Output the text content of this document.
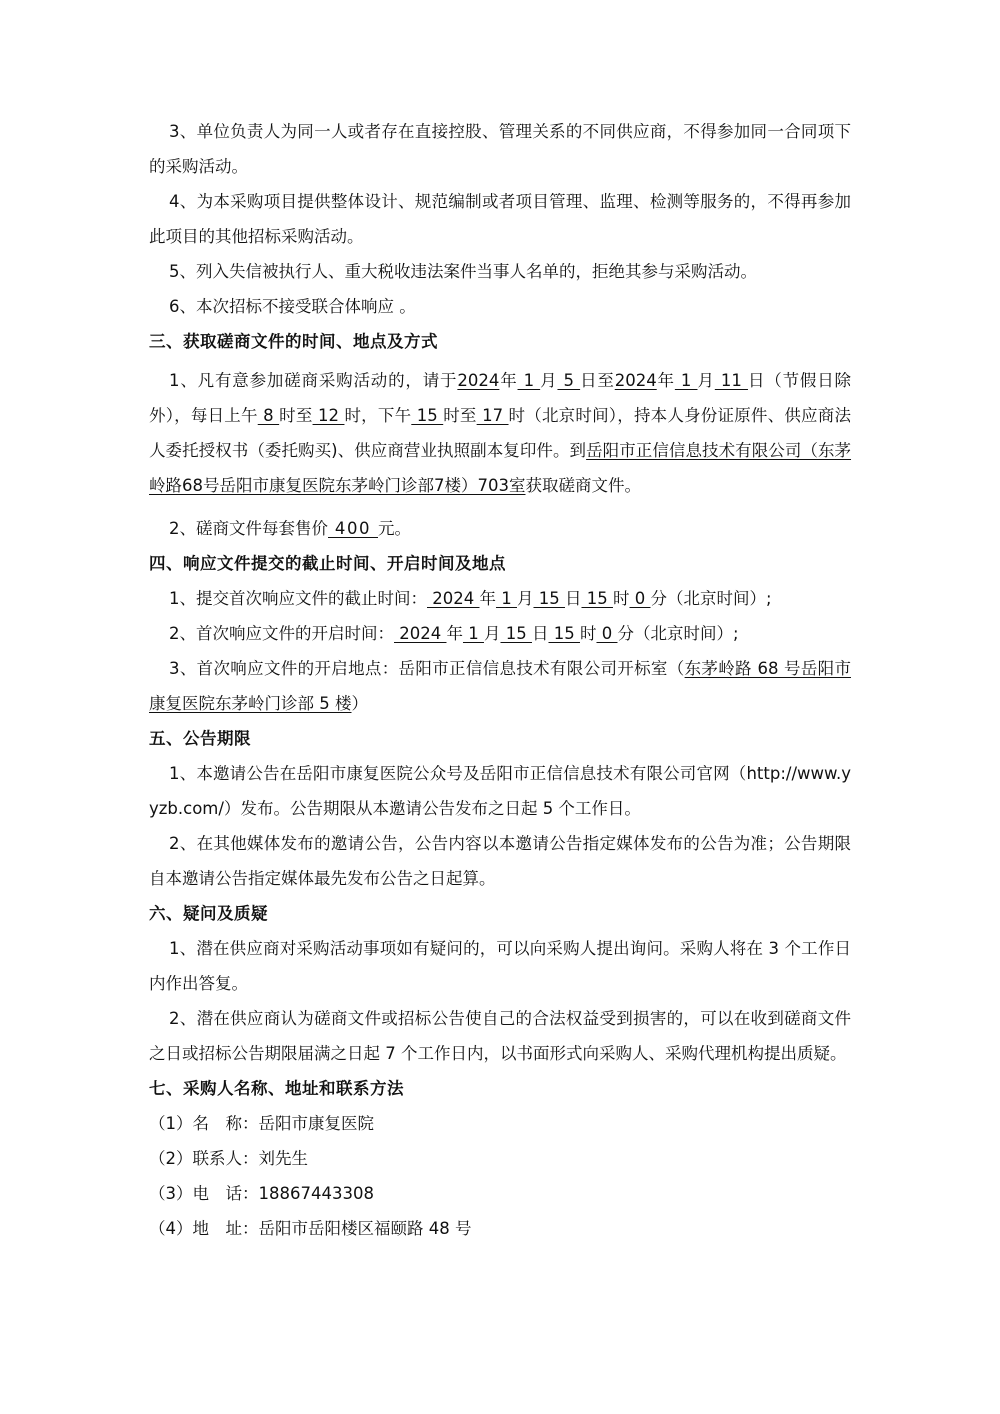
3、单位负责人为同一人或者存在直接控股、管理关系的不同供应商，不得参加同一合同项下的采购活动。

4、为本采购项目提供整体设计、规范编制或者项目管理、监理、检测等服务的，不得再参加此项目的其他招标采购活动。

5、列入失信被执行人、重大税收违法案件当事人名单的，拒绝其参与采购活动。

6、本次招标不接受联合体响应 。

三、获取磋商文件的时间、地点及方式

1、凡有意参加磋商采购活动的，请于2024年 1 月 5 日至2024年 1 月 11 日（节假日除外），每日上午 8 时至 12 时，下午 15 时至 17 时（北京时间），持本人身份证原件、供应商法人委托授权书（委托购买)、供应商营业执照副本复印件。到岳阳市正信信息技术有限公司（东茅岭路68号岳阳市康复医院东茅岭门诊部7楼）703室获取磋商文件。

2、磋商文件每套售价 400 元。

四、响应文件提交的截止时间、开启时间及地点

1、提交首次响应文件的截止时间： 2024 年 1 月 15 日 15 时 0 分（北京时间）;

2、首次响应文件的开启时间： 2024 年 1 月 15 日 15 时 0 分（北京时间）;

3、首次响应文件的开启地点：岳阳市正信信息技术有限公司开标室（东茅岭路 68 号岳阳市康复医院东茅岭门诊部 5 楼）

五、公告期限

1、本邀请公告在岳阳市康复医院公众号及岳阳市正信信息技术有限公司官网（http://www.yyzb.com/）发布。公告期限从本邀请公告发布之日起 5 个工作日。

2、在其他媒体发布的邀请公告，公告内容以本邀请公告指定媒体发布的公告为准；公告期限自本邀请公告指定媒体最先发布公告之日起算。

六、疑问及质疑

1、潜在供应商对采购活动事项如有疑问的，可以向采购人提出询问。采购人将在 3 个工作日内作出答复。

2、潜在供应商认为磋商文件或招标公告使自己的合法权益受到损害的，可以在收到磋商文件之日或招标公告期限届满之日起 7 个工作日内，以书面形式向采购人、采购代理机构提出质疑。

七、采购人名称、地址和联系方法

（1）名　称：岳阳市康复医院

（2）联系人：刘先生

（3）电　话：18867443308

（4）地　址：岳阳市岳阳楼区福颐路 48 号
